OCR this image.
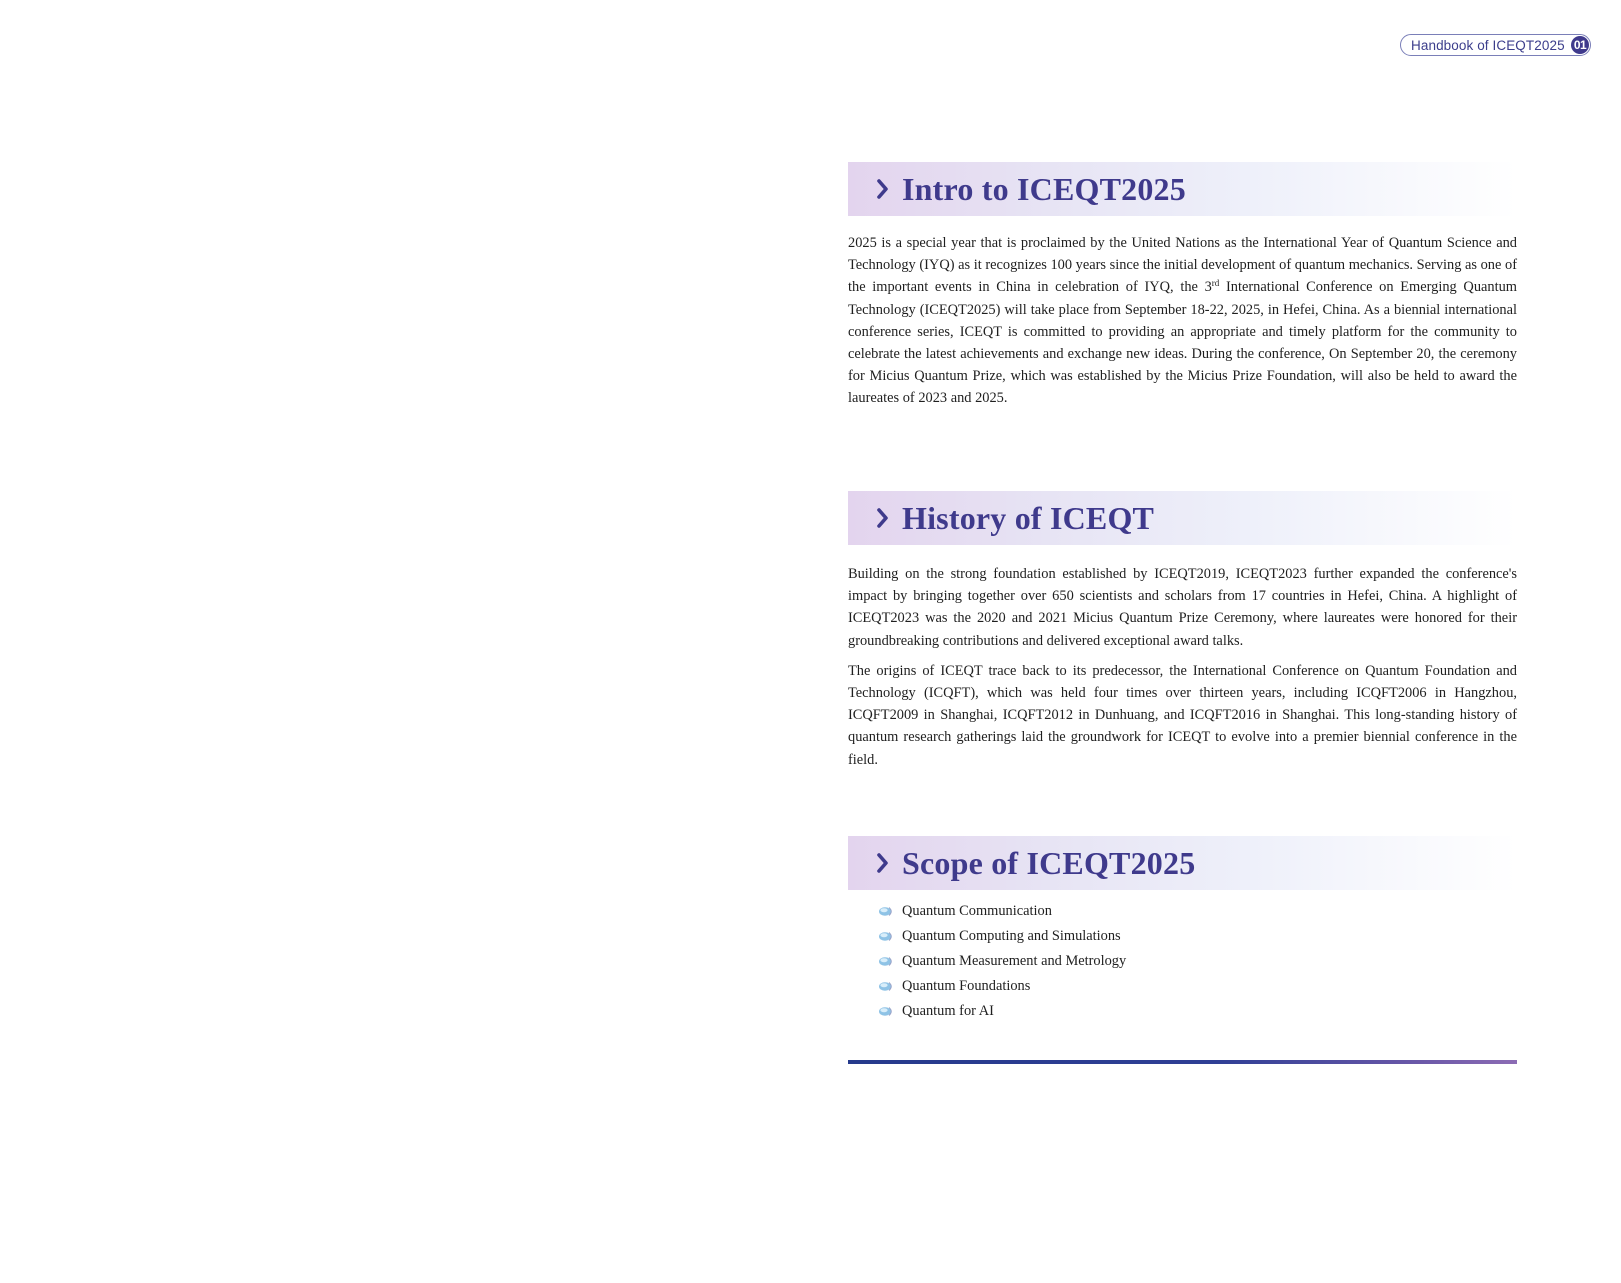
Handbook of ICEQT2025 01
Intro to ICEQT2025

2025 is a special year that is proclaimed by the United Nations as the International Year of Quantum Science and Technology (IYQ) as it recognizes 100 years since the initial development of quantum mechanics. Serving as one of the important events in China in celebration of IYQ, the 3rd International Conference on Emerging Quantum Technology (ICEQT2025) will take place from September 18-22, 2025, in Hefei, China. As a biennial international conference series, ICEQT is committed to providing an appropriate and timely platform for the community to celebrate the latest achievements and exchange new ideas. During the conference, On September 20, the ceremony for Micius Quantum Prize, which was established by the Micius Prize Foundation, will also be held to award the laureates of 2023 and 2025.

History of ICEQT

Building on the strong foundation established by ICEQT2019, ICEQT2023 further expanded the conference's impact by bringing together over 650 scientists and scholars from 17 countries in Hefei, China. A highlight of ICEQT2023 was the 2020 and 2021 Micius Quantum Prize Ceremony, where laureates were honored for their groundbreaking contributions and delivered exceptional award talks.

The origins of ICEQT trace back to its predecessor, the International Conference on Quantum Foundation and Technology (ICQFT), which was held four times over thirteen years, including ICQFT2006 in Hangzhou, ICQFT2009 in Shanghai, ICQFT2012 in Dunhuang, and ICQFT2016 in Shanghai. This long-standing history of quantum research gatherings laid the groundwork for ICEQT to evolve into a premier biennial conference in the field.

Scope of ICEQT2025
Quantum Communication
Quantum Computing and Simulations
Quantum Measurement and Metrology
Quantum Foundations
Quantum for AI
